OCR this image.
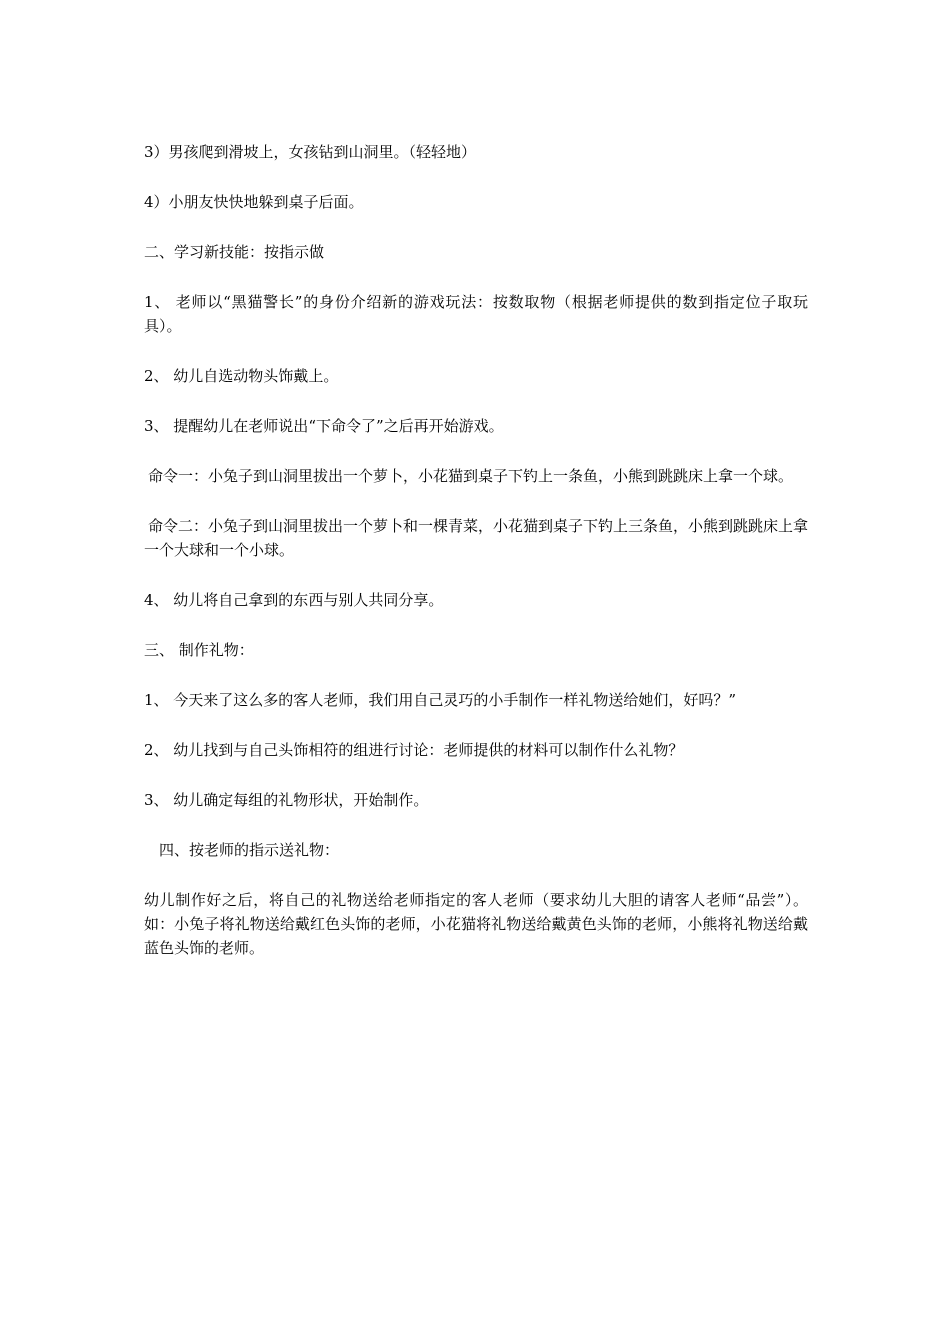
3）男孩爬到滑坡上，女孩钻到山洞里。（轻轻地）

4）小朋友快快地躲到桌子后面。

二、学习新技能：按指示做

1、 老师以“黑猫警长”的身份介绍新的游戏玩法：按数取物（根据老师提供的数到指定位子取玩具）。

2、 幼儿自选动物头饰戴上。

3、 提醒幼儿在老师说出“下命令了”之后再开始游戏。

命令一：小兔子到山洞里拔出一个萝卜，小花猫到桌子下钓上一条鱼，小熊到跳跳床上拿一个球。

命令二：小兔子到山洞里拔出一个萝卜和一棵青菜，小花猫到桌子下钓上三条鱼，小熊到跳跳床上拿一个大球和一个小球。

4、 幼儿将自己拿到的东西与别人共同分享。

三、 制作礼物：

1、 今天来了这么多的客人老师，我们用自己灵巧的小手制作一样礼物送给她们，好吗？”

2、 幼儿找到与自己头饰相符的组进行讨论：老师提供的材料可以制作什么礼物？

3、 幼儿确定每组的礼物形状，开始制作。

四、按老师的指示送礼物：

幼儿制作好之后，将自己的礼物送给老师指定的客人老师（要求幼儿大胆的请客人老师“品尝”）。如：小兔子将礼物送给戴红色头饰的老师，小花猫将礼物送给戴黄色头饰的老师，小熊将礼物送给戴蓝色头饰的老师。
